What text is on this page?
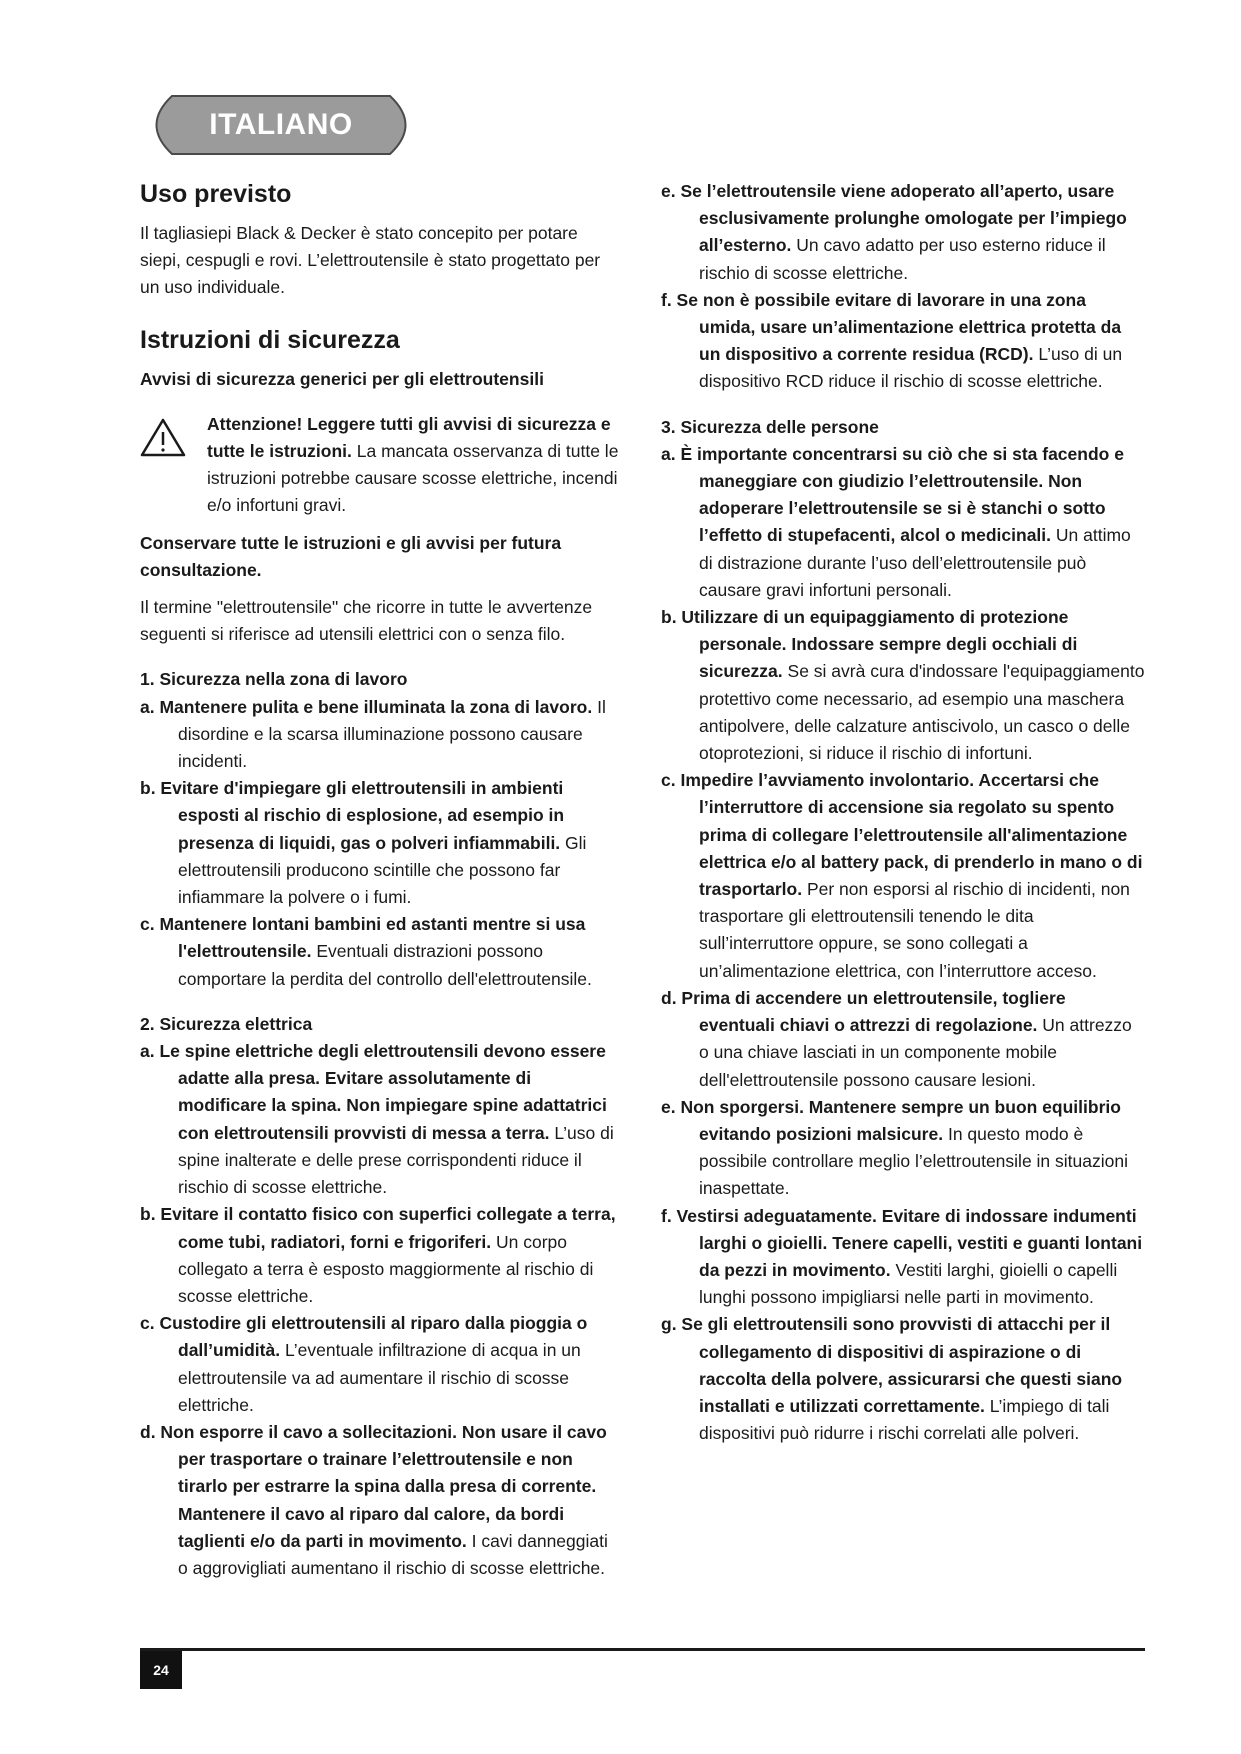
ITALIANO
Uso previsto

Il tagliasiepi Black & Decker è stato concepito per potare siepi, cespugli e rovi. L’elettroutensile è stato progettato per un uso individuale.

Istruzioni di sicurezza
Avvisi di sicurezza generici per gli elettroutensili

Attenzione! Leggere tutti gli avvisi di sicurezza e tutte le istruzioni. La mancata osservanza di tutte le istruzioni potrebbe causare scosse elettriche, incendi e/o infortuni gravi.

Conservare tutte le istruzioni e gli avvisi per futura consultazione.

Il termine "elettroutensile" che ricorre in tutte le avvertenze seguenti si riferisce ad utensili elettrici con o senza filo.

1. Sicurezza nella zona di lavoro

a. Mantenere pulita e bene illuminata la zona di lavoro. Il disordine e la scarsa illuminazione possono causare incidenti.

b. Evitare d'impiegare gli elettroutensili in ambienti esposti al rischio di esplosione, ad esempio in presenza di liquidi, gas o polveri infiammabili. Gli elettroutensili producono scintille che possono far infiammare la polvere o i fumi.

c. Mantenere lontani bambini ed astanti mentre si usa l'elettroutensile. Eventuali distrazioni possono comportare la perdita del controllo dell'elettroutensile.

2. Sicurezza elettrica

a. Le spine elettriche degli elettroutensili devono essere adatte alla presa. Evitare assolutamente di modificare la spina. Non impiegare spine adattatrici con elettroutensili provvisti di messa a terra. L’uso di spine inalterate e delle prese corrispondenti riduce il rischio di scosse elettriche.

b. Evitare il contatto fisico con superfici collegate a terra, come tubi, radiatori, forni e frigoriferi. Un corpo collegato a terra è esposto maggiormente al rischio di scosse elettriche.

c. Custodire gli elettroutensili al riparo dalla pioggia o dall’umidità. L’eventuale infiltrazione di acqua in un elettroutensile va ad aumentare il rischio di scosse elettriche.

d. Non esporre il cavo a sollecitazioni. Non usare il cavo per trasportare o trainare l’elettroutensile e non tirarlo per estrarre la spina dalla presa di corrente. Mantenere il cavo al riparo dal calore, da bordi taglienti e/o da parti in movimento. I cavi danneggiati o aggrovigliati aumentano il rischio di scosse elettriche.

e. Se l’elettroutensile viene adoperato all’aperto, usare esclusivamente prolunghe omologate per l’impiego all’esterno. Un cavo adatto per uso esterno riduce il rischio di scosse elettriche.

f. Se non è possibile evitare di lavorare in una zona umida, usare un’alimentazione elettrica protetta da un dispositivo a corrente residua (RCD). L’uso di un dispositivo RCD riduce il rischio di scosse elettriche.

3. Sicurezza delle persone

a. È importante concentrarsi su ciò che si sta facendo e maneggiare con giudizio l’elettroutensile. Non adoperare l’elettroutensile se si è stanchi o sotto l’effetto di stupefacenti, alcol o medicinali. Un attimo di distrazione durante l’uso dell’elettroutensile può causare gravi infortuni personali.

b. Utilizzare di un equipaggiamento di protezione personale. Indossare sempre degli occhiali di sicurezza. Se si avrà cura d'indossare l'equipaggiamento protettivo come necessario, ad esempio una maschera antipolvere, delle calzature antiscivolo, un casco o delle otoprotezioni, si riduce il rischio di infortuni.

c. Impedire l’avviamento involontario. Accertarsi che l’interruttore di accensione sia regolato su spento prima di collegare l’elettroutensile all'alimentazione elettrica e/o al battery pack, di prenderlo in mano o di trasportarlo. Per non esporsi al rischio di incidenti, non trasportare gli elettroutensili tenendo le dita sull’interruttore oppure, se sono collegati a un’alimentazione elettrica, con l’interruttore acceso.

d. Prima di accendere un elettroutensile, togliere eventuali chiavi o attrezzi di regolazione. Un attrezzo o una chiave lasciati in un componente mobile dell'elettroutensile possono causare lesioni.

e. Non sporgersi. Mantenere sempre un buon equilibrio evitando posizioni malsicure. In questo modo è possibile controllare meglio l’elettroutensile in situazioni inaspettate.

f. Vestirsi adeguatamente. Evitare di indossare indumenti larghi o gioielli. Tenere capelli, vestiti e guanti lontani da pezzi in movimento. Vestiti larghi, gioielli o capelli lunghi possono impigliarsi nelle parti in movimento.

g. Se gli elettroutensili sono provvisti di attacchi per il collegamento di dispositivi di aspirazione o di raccolta della polvere, assicurarsi che questi siano installati e utilizzati correttamente. L’impiego di tali dispositivi può ridurre i rischi correlati alle polveri.

24
